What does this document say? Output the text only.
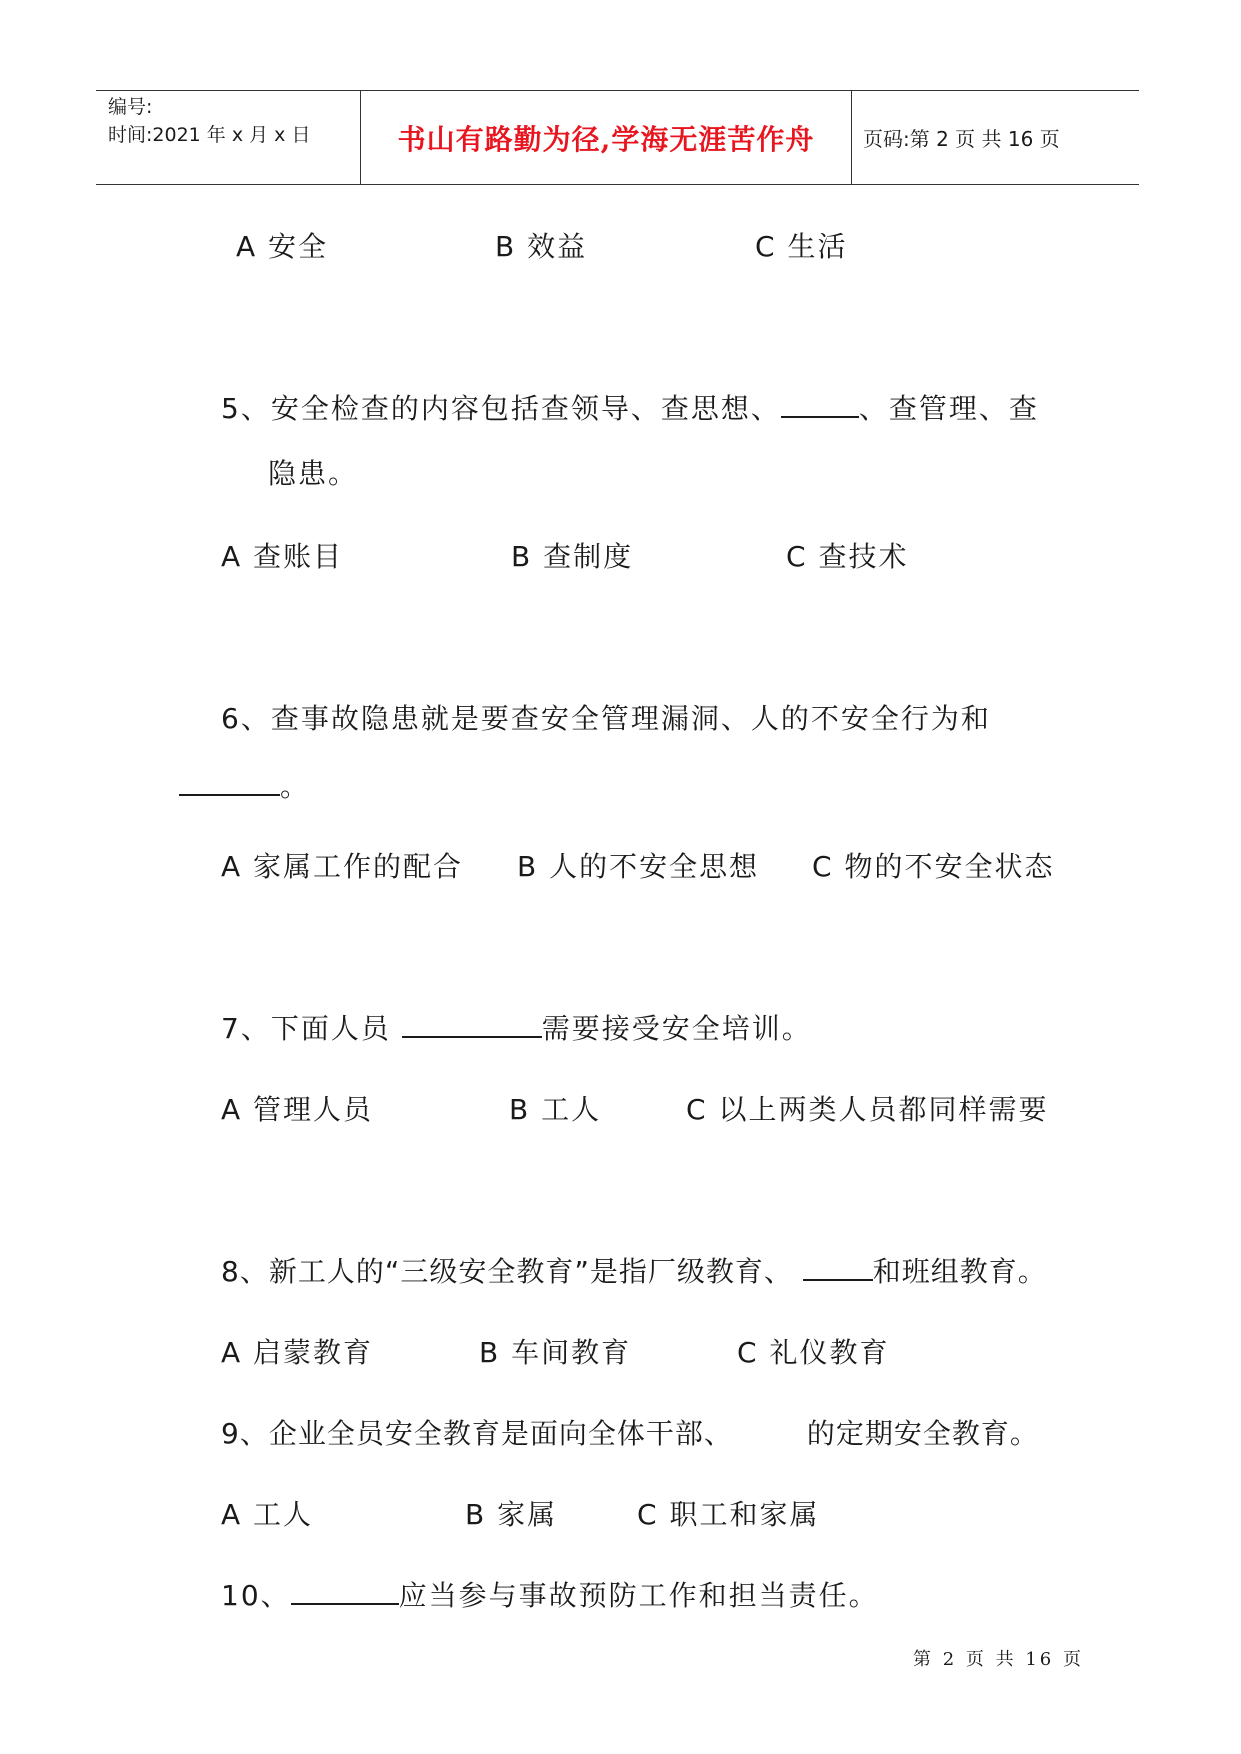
编号:
时间:2021 年 x 月 x 日	书山有路勤为径,学海无涯苦作舟	页码:第 2 页 共 16 页
A 安全	B 效益	C 生活
5、安全检查的内容包括查领导、查思想、	、查管理、查
隐患。
A 查账目	B 查制度	C 查技术
6、查事故隐患就是要查安全管理漏洞、人的不安全行为和
。
A 家属工作的配合 B 人的不安全思想 C 物的不安全状态
7、下面人员	需要接受安全培训。
A 管理人员	B 工人	C 以上两类人员都同样需要
8、新工人的“三级安全教育”是指厂级教育、	和班组教育。
A 启蒙教育	B 车间教育	C 礼仪教育
9、企业全员安全教育是面向全体干部、	的定期安全教育。
A 工人	B 家属	C 职工和家属
10、	应当参与事故预防工作和担当责任。
第 2 页 共 16 页
